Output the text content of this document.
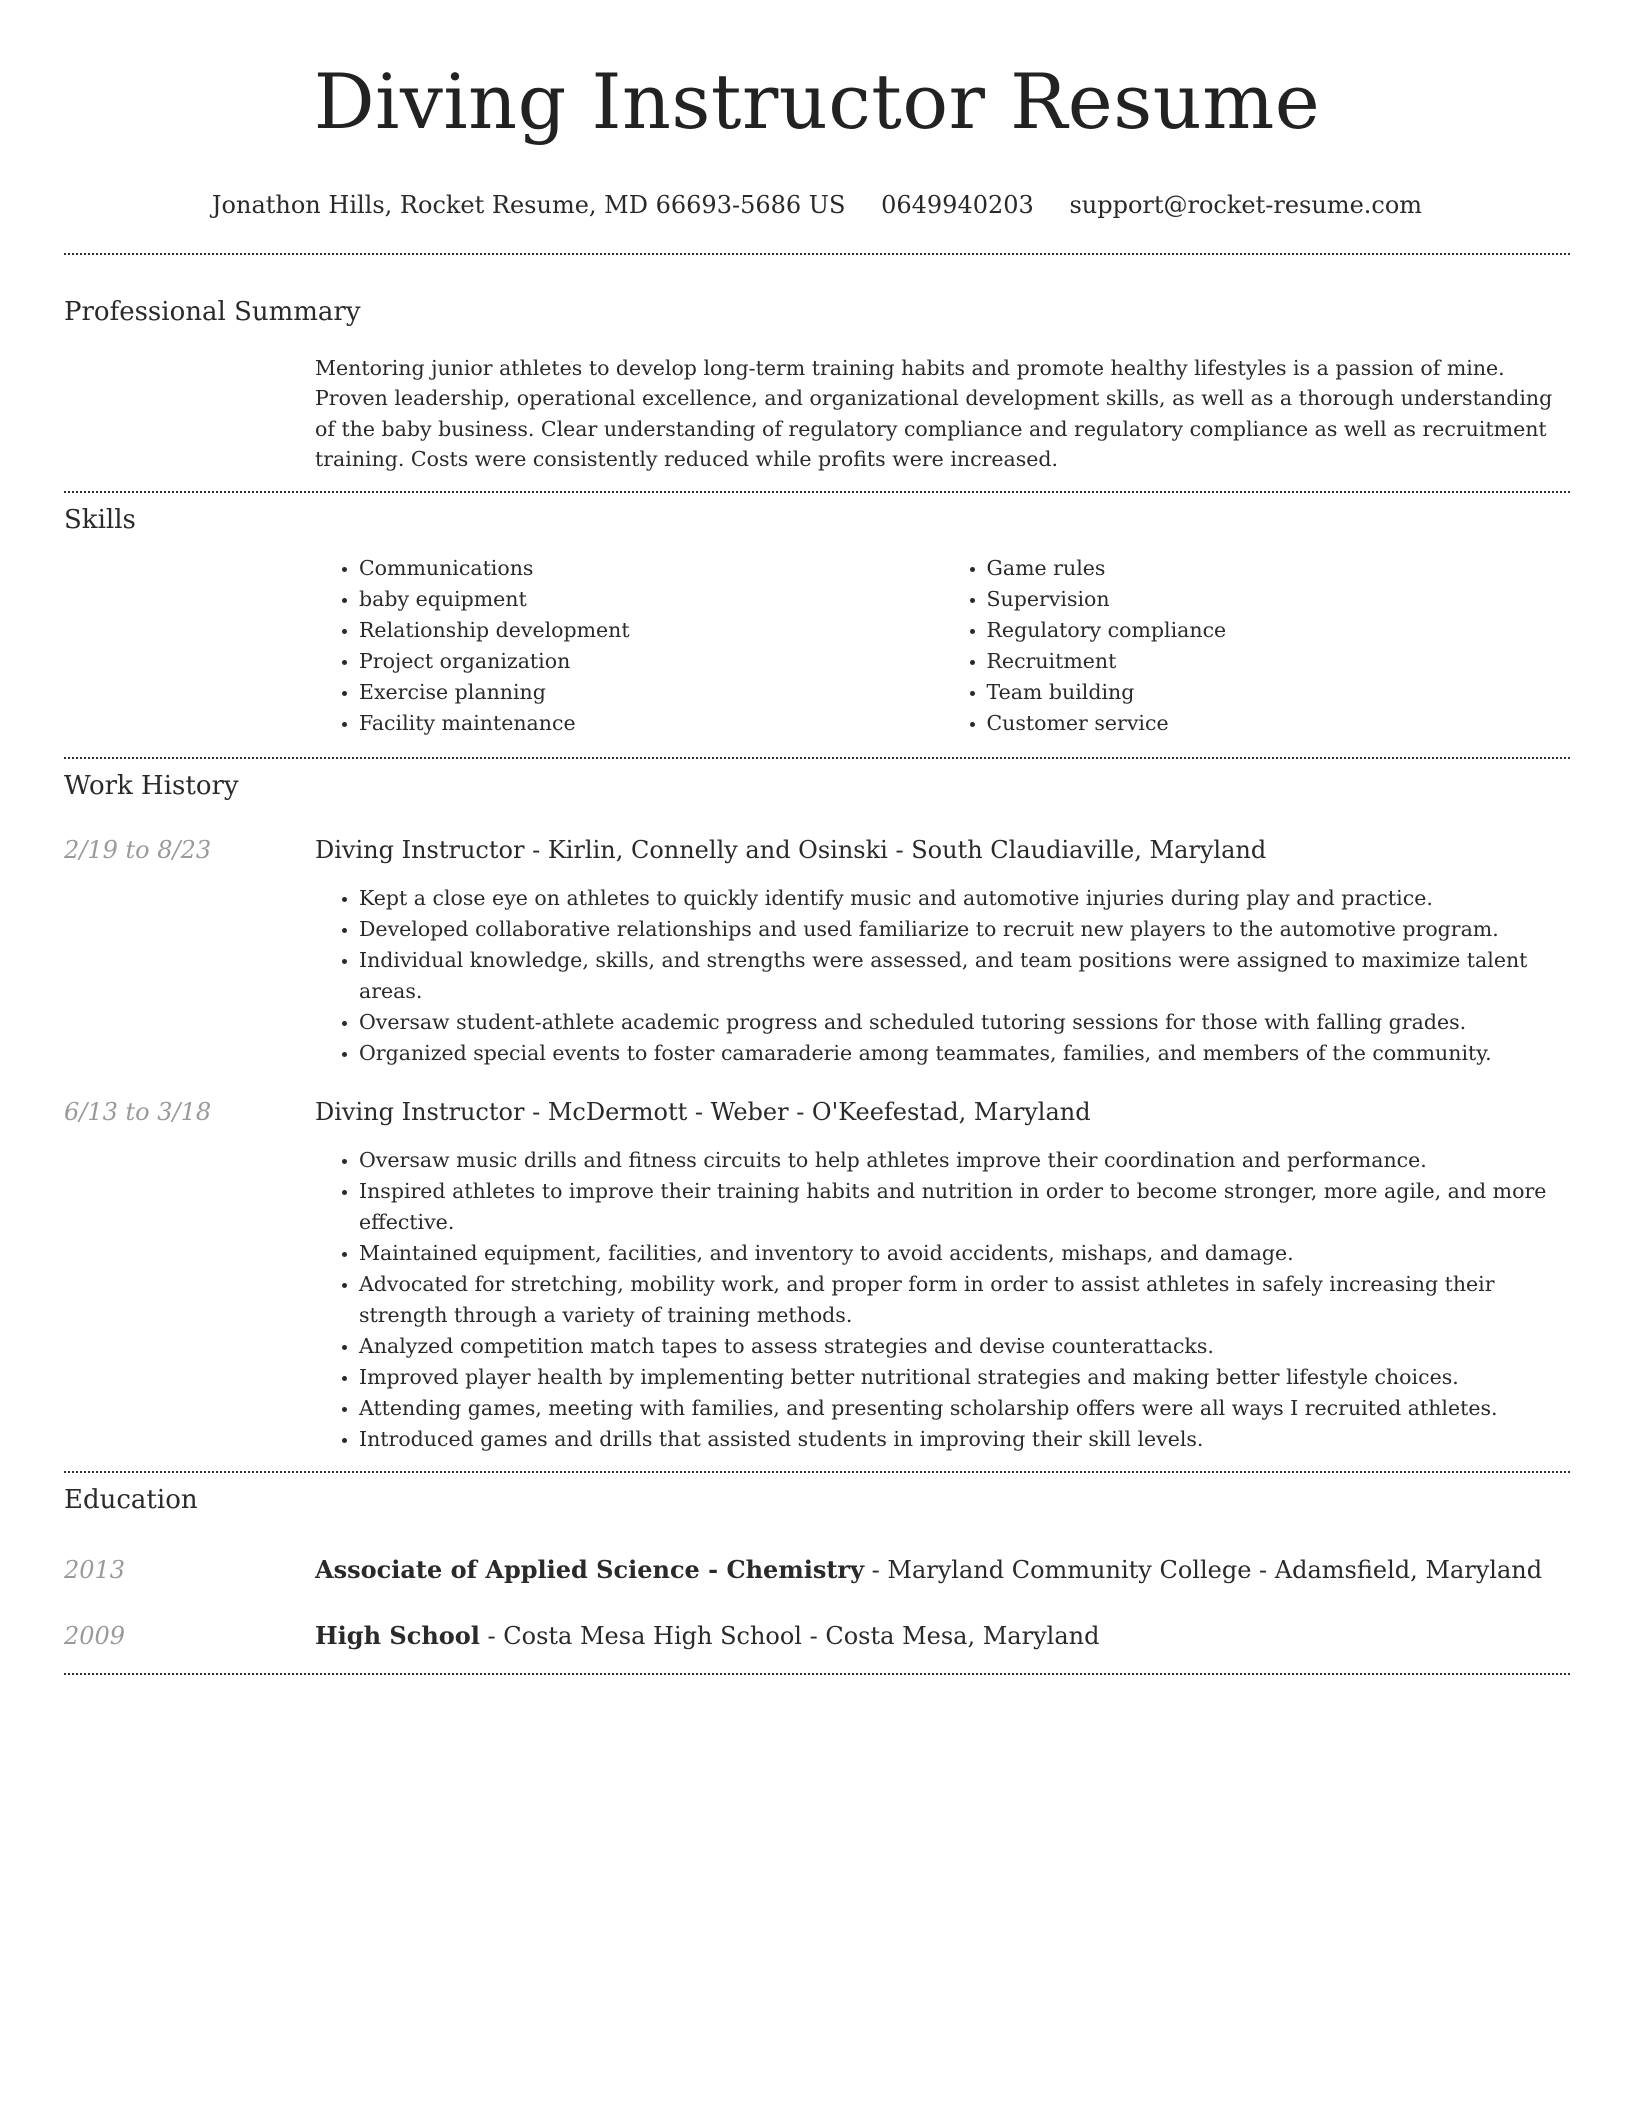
Diving Instructor Resume
Jonathon Hills, Rocket Resume, MD 66693-5686 US 0649940203 support@rocket-resume.com
Professional Summary
Mentoring junior athletes to develop long-term training habits and promote healthy lifestyles is a passion of mine. Proven leadership, operational excellence, and organizational development skills, as well as a thorough understanding of the baby business. Clear understanding of regulatory compliance and regulatory compliance as well as recruitment training. Costs were consistently reduced while profits were increased.
Skills
• Communications
• baby equipment
• Relationship development
• Project organization
• Exercise planning
• Facility maintenance
• Game rules
• Supervision
• Regulatory compliance
• Recruitment
• Team building
• Customer service
Work History
2/19 to 8/23	Diving Instructor - Kirlin, Connelly and Osinski - South Claudiaville, Maryland
• Kept a close eye on athletes to quickly identify music and automotive injuries during play and practice.
• Developed collaborative relationships and used familiarize to recruit new players to the automotive program.
• Individual knowledge, skills, and strengths were assessed, and team positions were assigned to maximize talent areas.
• Oversaw student-athlete academic progress and scheduled tutoring sessions for those with falling grades.
• Organized special events to foster camaraderie among teammates, families, and members of the community.
6/13 to 3/18	Diving Instructor - McDermott - Weber - O'Keefestad, Maryland
• Oversaw music drills and fitness circuits to help athletes improve their coordination and performance.
• Inspired athletes to improve their training habits and nutrition in order to become stronger, more agile, and more effective.
• Maintained equipment, facilities, and inventory to avoid accidents, mishaps, and damage.
• Advocated for stretching, mobility work, and proper form in order to assist athletes in safely increasing their strength through a variety of training methods.
• Analyzed competition match tapes to assess strategies and devise counterattacks.
• Improved player health by implementing better nutritional strategies and making better lifestyle choices.
• Attending games, meeting with families, and presenting scholarship offers were all ways I recruited athletes.
• Introduced games and drills that assisted students in improving their skill levels.
Education
2013	Associate of Applied Science - Chemistry - Maryland Community College - Adamsfield, Maryland
2009	High School - Costa Mesa High School - Costa Mesa, Maryland
